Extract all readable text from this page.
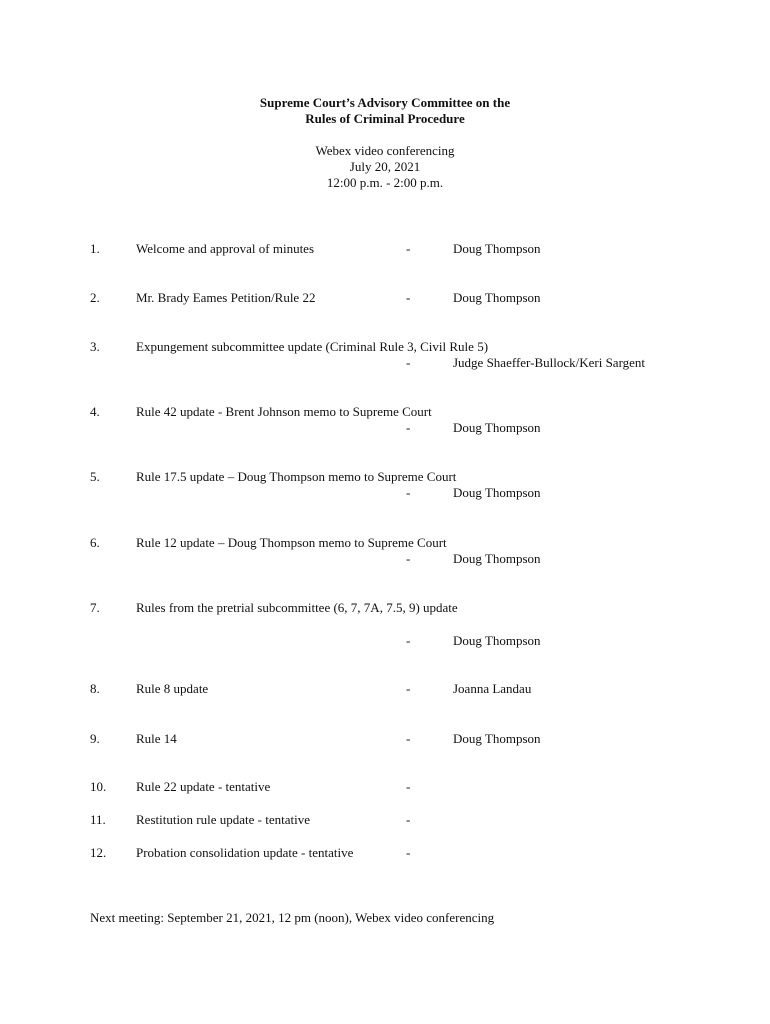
Supreme Court’s Advisory Committee on the
Rules of Criminal Procedure
Webex video conferencing
July 20, 2021
12:00 p.m. - 2:00 p.m.
1.	Welcome and approval of minutes	-	Doug Thompson
2.	Mr. Brady Eames Petition/Rule 22	-	Doug Thompson
3.	Expungement subcommittee update (Criminal Rule 3, Civil Rule 5)
-	Judge Shaeffer-Bullock/Keri Sargent
4.	Rule 42 update - Brent Johnson memo to Supreme Court
-	Doug Thompson
5.	Rule 17.5 update – Doug Thompson memo to Supreme Court
-	Doug Thompson
6.	Rule 12 update – Doug Thompson memo to Supreme Court
-	Doug Thompson
7.	Rules from the pretrial subcommittee (6, 7, 7A, 7.5, 9) update
-	Doug Thompson
8.	Rule 8 update	-	Joanna Landau
9.	Rule 14	-	Doug Thompson
10. Rule 22 update - tentative	-
11. Restitution rule update - tentative	-
12. Probation consolidation update - tentative	-
Next meeting: September 21, 2021, 12 pm (noon), Webex video conferencing
